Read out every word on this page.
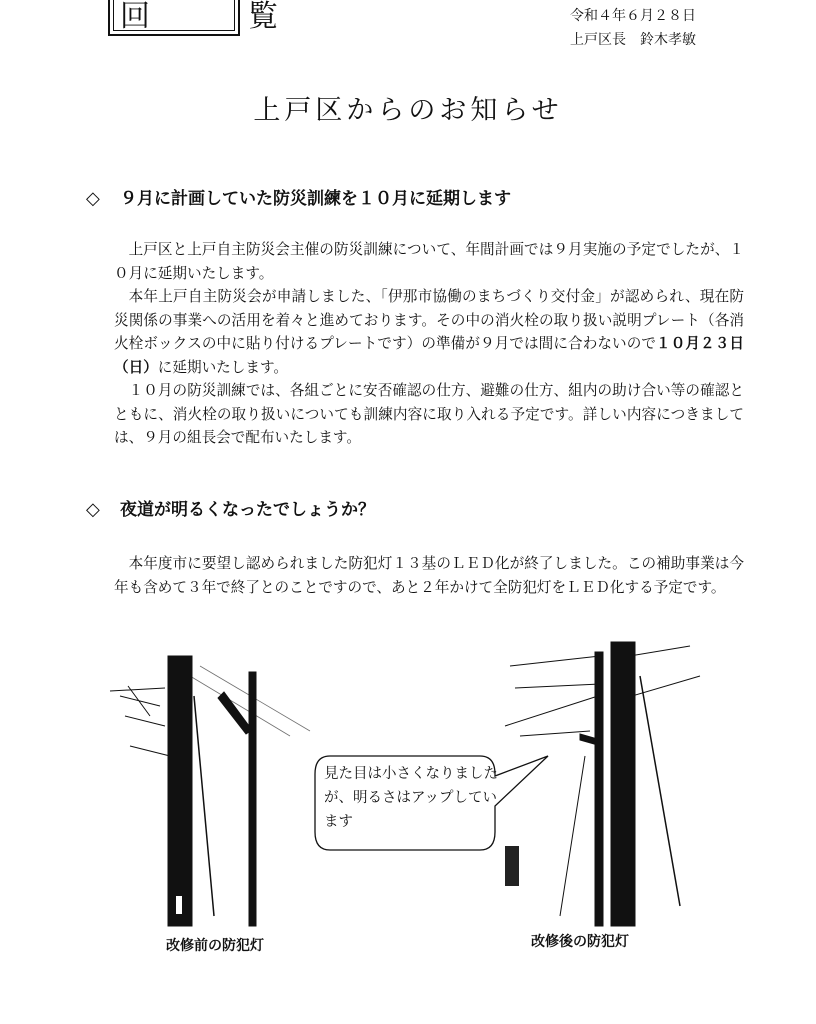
回　覧	令和４年６月２８日
上戸区長　鈴木孝敏
上戸区からのお知らせ
◇ ９月に計画していた防災訓練を１０月に延期します

上戸区と上戸自主防災会主催の防災訓練について、年間計画では９月実施の予定でしたが、１０月に延期いたします。

本年上戸自主防災会が申請しました、「伊那市協働のまちづくり交付金」が認められ、現在防災関係の事業への活用を着々と進めております。その中の消火栓の取り扱い説明プレート（各消火栓ボックスの中に貼り付けるプレートです）の準備が９月では間に合わないので１０月２３日（日）に延期いたします。

１０月の防災訓練では、各組ごとに安否確認の仕方、避難の仕方、組内の助け合い等の確認とともに、消火栓の取り扱いについても訓練内容に取り入れる予定です。詳しい内容につきましては、９月の組長会で配布いたします。

◇ 夜道が明るくなったでしょうか？

本年度市に要望し認められました防犯灯１３基のＬＥＤ化が終了しました。この補助事業は今年も含めて３年で終了とのことですので、あと２年かけて全防犯灯をＬＥＤ化する予定です。

見た目は小さくなりましたが、明るさはアップしています
改修前の防犯灯	改修後の防犯灯
